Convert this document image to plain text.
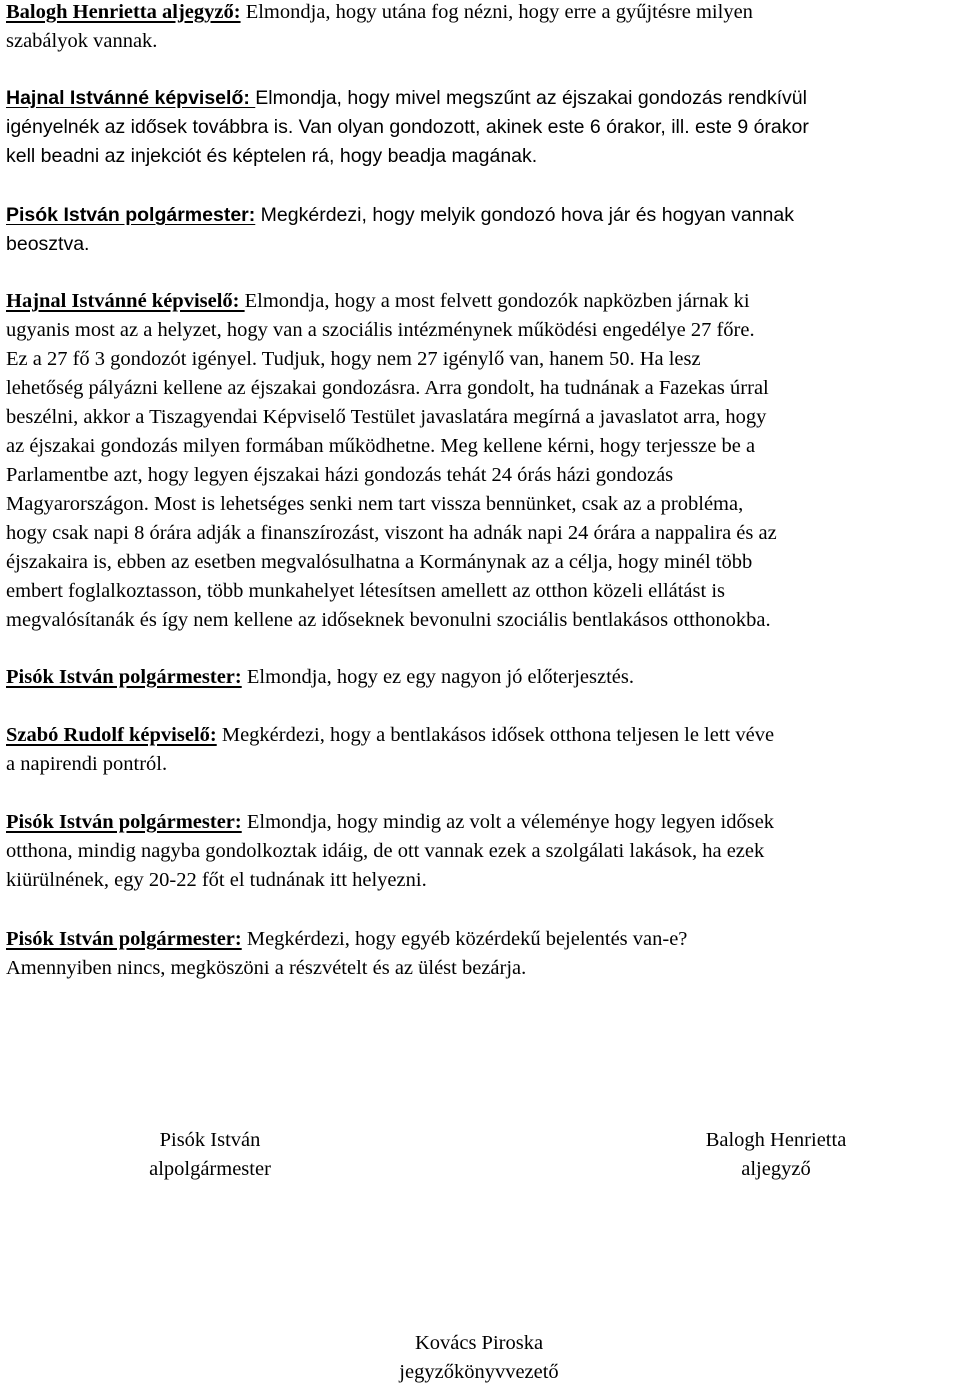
Balogh Henrietta aljegyző: Elmondja, hogy utána fog nézni, hogy erre a gyűjtésre milyen
szabályok vannak.

Hajnal Istvánné képviselő: Elmondja, hogy mivel megszűnt az éjszakai gondozás rendkívül
igényelnék az idősek továbbra is. Van olyan gondozott, akinek este 6 órakor, ill. este 9 órakor
kell beadni az injekciót és képtelen rá, hogy beadja magának.

Pisók István polgármester: Megkérdezi, hogy melyik gondozó hova jár és hogyan vannak
beosztva.

Hajnal Istvánné képviselő: Elmondja, hogy a most felvett gondozók napközben járnak ki
ugyanis most az a helyzet, hogy van a szociális intézménynek működési engedélye 27 főre.
Ez a 27 fő 3 gondozót igényel. Tudjuk, hogy nem 27 igénylő van, hanem 50. Ha lesz
lehetőség pályázni kellene az éjszakai gondozásra. Arra gondolt, ha tudnának a Fazekas úrral
beszélni, akkor a Tiszagyendai Képviselő Testület javaslatára megírná a javaslatot arra, hogy
az éjszakai gondozás milyen formában működhetne. Meg kellene kérni, hogy terjessze be a
Parlamentbe azt, hogy legyen éjszakai házi gondozás tehát 24 órás házi gondozás
Magyarországon. Most is lehetséges senki nem tart vissza bennünket, csak az a probléma,
hogy csak napi 8 órára adják a finanszírozást, viszont ha adnák napi 24 órára a nappalira és az
éjszakaira is, ebben az esetben megvalósulhatna a Kormánynak az a célja, hogy minél több
embert foglalkoztasson, több munkahelyet létesítsen amellett az otthon közeli ellátást is
megvalósítanák és így nem kellene az időseknek bevonulni szociális bentlakásos otthonokba.

Pisók István polgármester: Elmondja, hogy ez egy nagyon jó előterjesztés.

Szabó Rudolf képviselő: Megkérdezi, hogy a bentlakásos idősek otthona teljesen le lett véve
a napirendi pontról.

Pisók István polgármester: Elmondja, hogy mindig az volt a véleménye hogy legyen idősek
otthona, mindig nagyba gondolkoztak idáig, de ott vannak ezek a szolgálati lakások, ha ezek
kiürülnének, egy 20-22 főt el tudnának itt helyezni.

Pisók István polgármester: Megkérdezi, hogy egyéb közérdekű bejelentés van-e?
Amennyiben nincs, megköszöni a részvételt és az ülést bezárja.

Pisók István
alpolgármester
Balogh Henrietta
aljegyző
Kovács Piroska
jegyzőkönyvvezető
